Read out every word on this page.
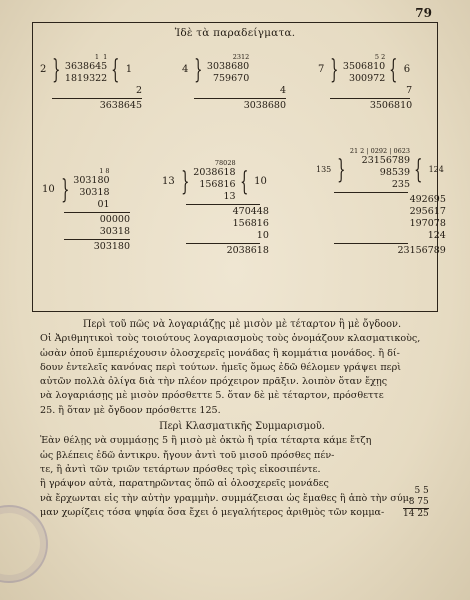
79
Ἰδὲ τὰ παραδείγματα.
2 }	1  1
3638645
1819322 { 1
2
3638645
4 }	2312
3038680
759670
4
3038680
7 }	5 2
3506810
300972 { 6
7
3506810
10 }
1 8
303180
30318
01
00000
30318
303180
13 }
78028
2038618
156816
13 { 10
470448
156816
10
2038618
135 }
21 2 | 0292 | 0623
23156789
98539
235 { 124
492695
295617
197078
124
23156789
Περὶ τοῦ πῶς νὰ λογαριάζῃς μὲ μισὸν μὲ τέταρτον ἢ μὲ ὄγδοον.
Οἱ Ἀριθμητικοὶ τοὺς τοιούτους λογαριασμοὺς τοὺς ὀνομάζουν κλασματικοὺς,
ὡσὰν ὁποῦ ἐμπεριέχουσιν ὁλοσχερεῖς μονάδας ἢ κομμάτια μονάδος. ἢ δί-
δουν ἐντελεῖς κανόνας περὶ τούτων. ἡμεῖς ὅμως ἐδῶ θέλομεν γράψει περὶ
αὐτῶν πολλὰ ὀλίγα διὰ τὴν πλέον πρόχειρον πρᾶξιν. λοιπὸν ὅταν ἔχῃς
νὰ λογαριάσῃς μὲ μισὸν πρόσθεττε 5. ὅταν δὲ μὲ τέταρτον, πρόσθεττε
25. ἢ ὅταν μὲ ὄγδοον πρόσθεττε 125.
Περὶ Κλασματικῆς Συμμαρισμοῦ.
Ἐὰν θέλῃς νὰ συμμάσῃς 5 ἢ μισὸ μὲ ὀκτὼ ἢ τρία τέταρτα κάμε ἔτζη
ὡς βλέπεις ἐδῶ ἀντικρυ. ἤγουν ἀντὶ τοῦ μισοῦ πρόσθες πέν-
τε, ἢ ἀντὶ τῶν τριῶν τετάρτων πρόσθες τρὶς εἰκοσιπέντε.
ἢ γράψον αὐτὰ, παρατηρῶντας ὅπῶ αἱ ὁλοσχερεῖς μονάδες
νὰ ἔρχωνται εἰς τὴν αὐτὴν γραμμὴν. συμμάζεισαι ὡς ἔμαθες ἢ ἀπὸ τὴν σύμ-
μαν χωρίζεις τόσα ψηφία ὅσα ἔχει ὁ μεγαλήτερος ἀριθμὸς τῶν κομμα-
5 5
8 75
14 25
